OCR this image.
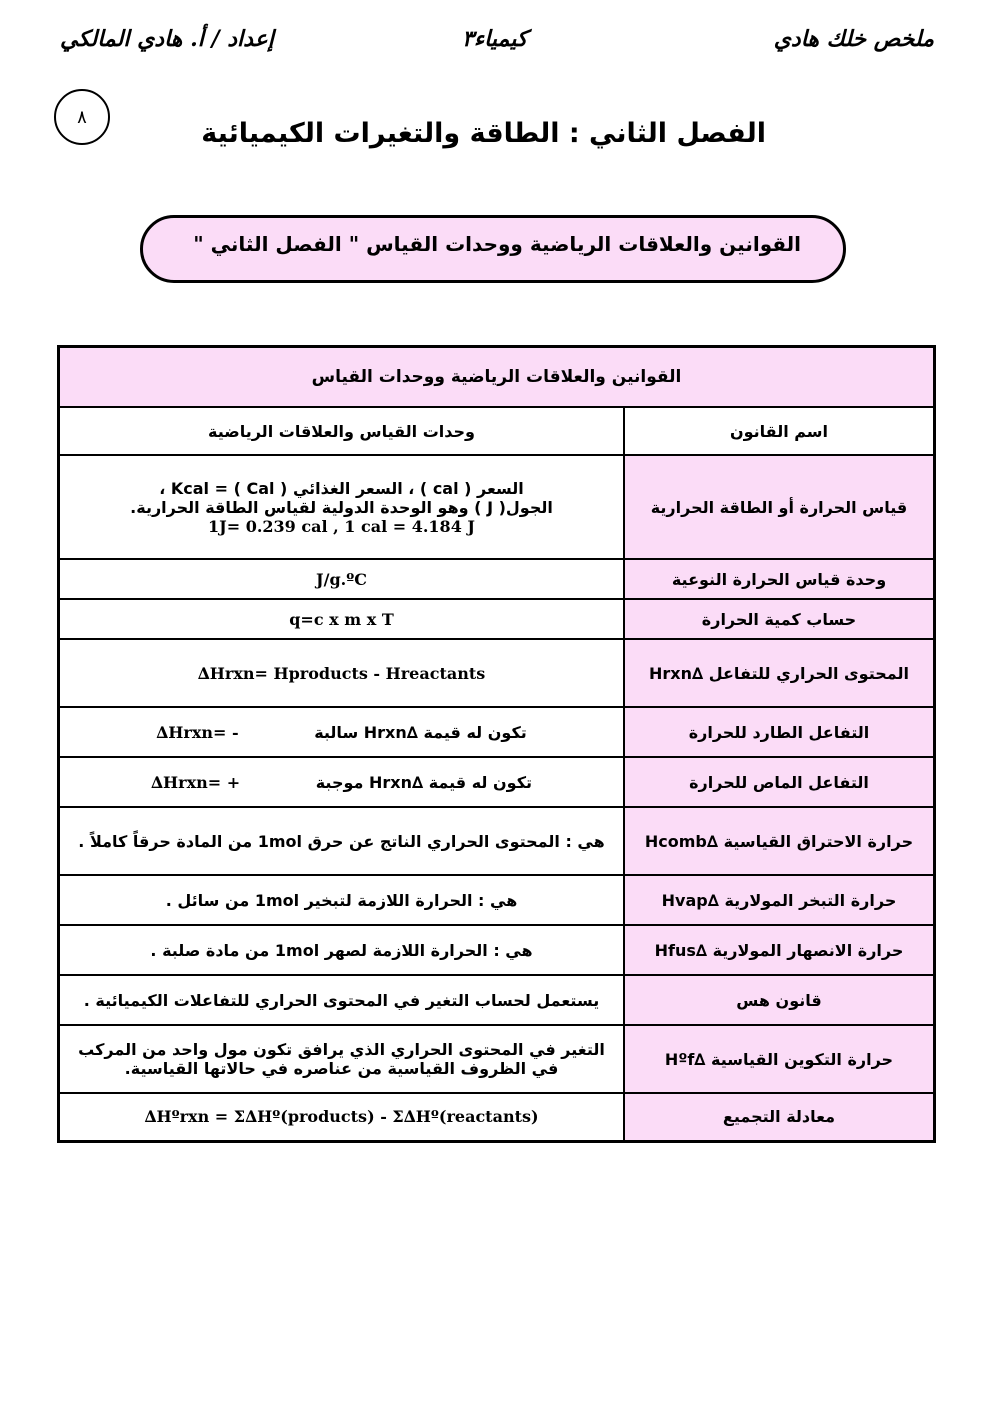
ملخص خلك هادي
كيمياء٣
إعداد / أ. هادي المالكي
٨
الفصل الثاني : الطاقة والتغيرات الكيميائية
القوانين والعلاقات الرياضية ووحدات القياس " الفصل الثاني "
القوانين والعلاقات الرياضية ووحدات القياس	
اسم القانون	وحدات القياس والعلاقات الرياضية
قياس الحرارة أو الطاقة الحرارية	السعر ( cal ) ، السعر الغذائي ( Cal ) = Kcal ،
الجول( J ) وهو الوحدة الدولية لقياس الطاقة الحرارية.
1J= 0.239 cal , 1 cal = 4.184 J

وحدة قياس الحرارة النوعية	J/g.ºC
حساب كمية الحرارة	q=c x m x T
المحتوى الحراري للتفاعل ∆Hrxn	∆Hrxn= Hproducts - Hreactants
التفاعل الطارد للحرارة	تكون له قيمة ∆Hrxn سالبة ∆Hrxn= -
التفاعل الماص للحرارة	تكون له قيمة ∆Hrxn موجبة ∆Hrxn= +
حرارة الاحتراق القياسية ∆Hcomb	هي : المحتوى الحراري الناتج عن حرق 1mol من المادة حرقاً كاملاً .
حرارة التبخر المولارية ∆Hvap	هي : الحرارة اللازمة لتبخير 1mol من سائل .
حرارة الانصهار المولارية ∆Hfus	هي : الحرارة اللازمة لصهر 1mol من مادة صلبة .
قانون هس	يستعمل لحساب التغير في المحتوى الحراري للتفاعلات الكيميائية .
حرارة التكوين القياسية ∆Hºf	التغير في المحتوى الحراري الذي يرافق تكون مول واحد من المركب في الظروف القياسية من عناصره في حالاتها القياسية.
معادلة التجميع	∆Hºrxn = Σ∆Hº(products) - Σ∆Hº(reactants)
